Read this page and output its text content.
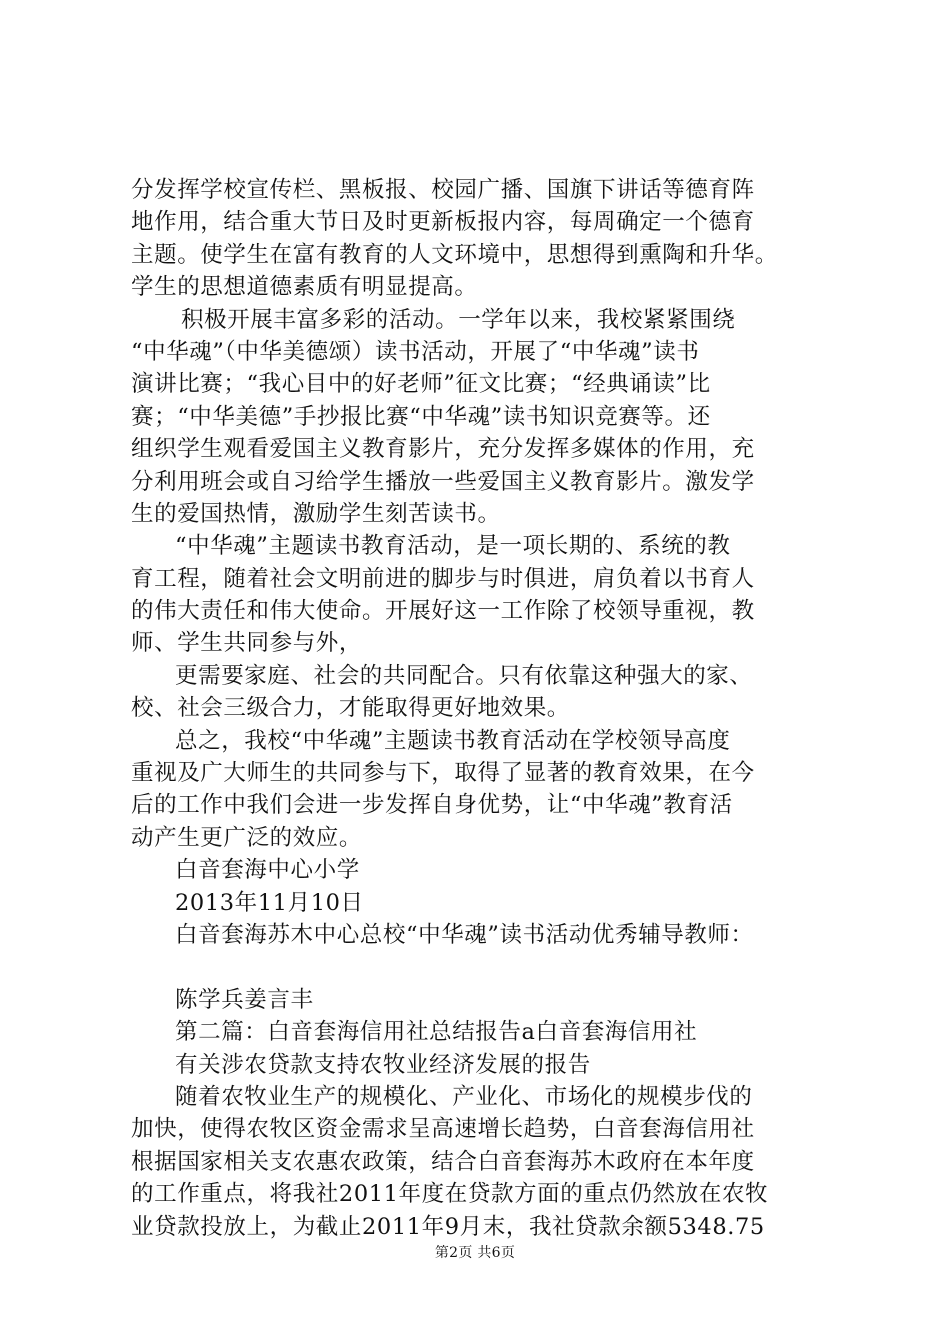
分发挥学校宣传栏、黑板报、校园广播、国旗下讲话等德育阵
地作用，结合重大节日及时更新板报内容，每周确定一个德育
主题。使学生在富有教育的人文环境中，思想得到熏陶和升华。
学生的思想道德素质有明显提高。
积极开展丰富多彩的活动。一学年以来，我校紧紧围绕
“中华魂”（中华美德颂）读书活动，开展了“中华魂”读书
演讲比赛；“我心目中的好老师”征文比赛；“经典诵读”比
赛；“中华美德”手抄报比赛“中华魂”读书知识竞赛等。还
组织学生观看爱国主义教育影片，充分发挥多媒体的作用，充
分利用班会或自习给学生播放一些爱国主义教育影片。激发学
生的爱国热情，激励学生刻苦读书。
“中华魂”主题读书教育活动，是一项长期的、系统的教
育工程，随着社会文明前进的脚步与时俱进，肩负着以书育人
的伟大责任和伟大使命。开展好这一工作除了校领导重视，教
师、学生共同参与外，
更需要家庭、社会的共同配合。只有依靠这种强大的家、
校、社会三级合力，才能取得更好地效果。
总之，我校“中华魂”主题读书教育活动在学校领导高度
重视及广大师生的共同参与下，取得了显著的教育效果，在今
后的工作中我们会进一步发挥自身优势，让“中华魂”教育活
动产生更广泛的效应。
白音套海中心小学
2013年11月10日
白音套海苏木中心总校“中华魂”读书活动优秀辅导教师：
陈学兵姜言丰
第二篇：白音套海信用社总结报告a白音套海信用社
有关涉农贷款支持农牧业经济发展的报告
随着农牧业生产的规模化、产业化、市场化的规模步伐的
加快，使得农牧区资金需求呈高速增长趋势，白音套海信用社
根据国家相关支农惠农政策，结合白音套海苏木政府在本年度
的工作重点，将我社2011年度在贷款方面的重点仍然放在农牧
业贷款投放上，为截止2011年9月末，我社贷款余额5348.75
第2页 共6页
